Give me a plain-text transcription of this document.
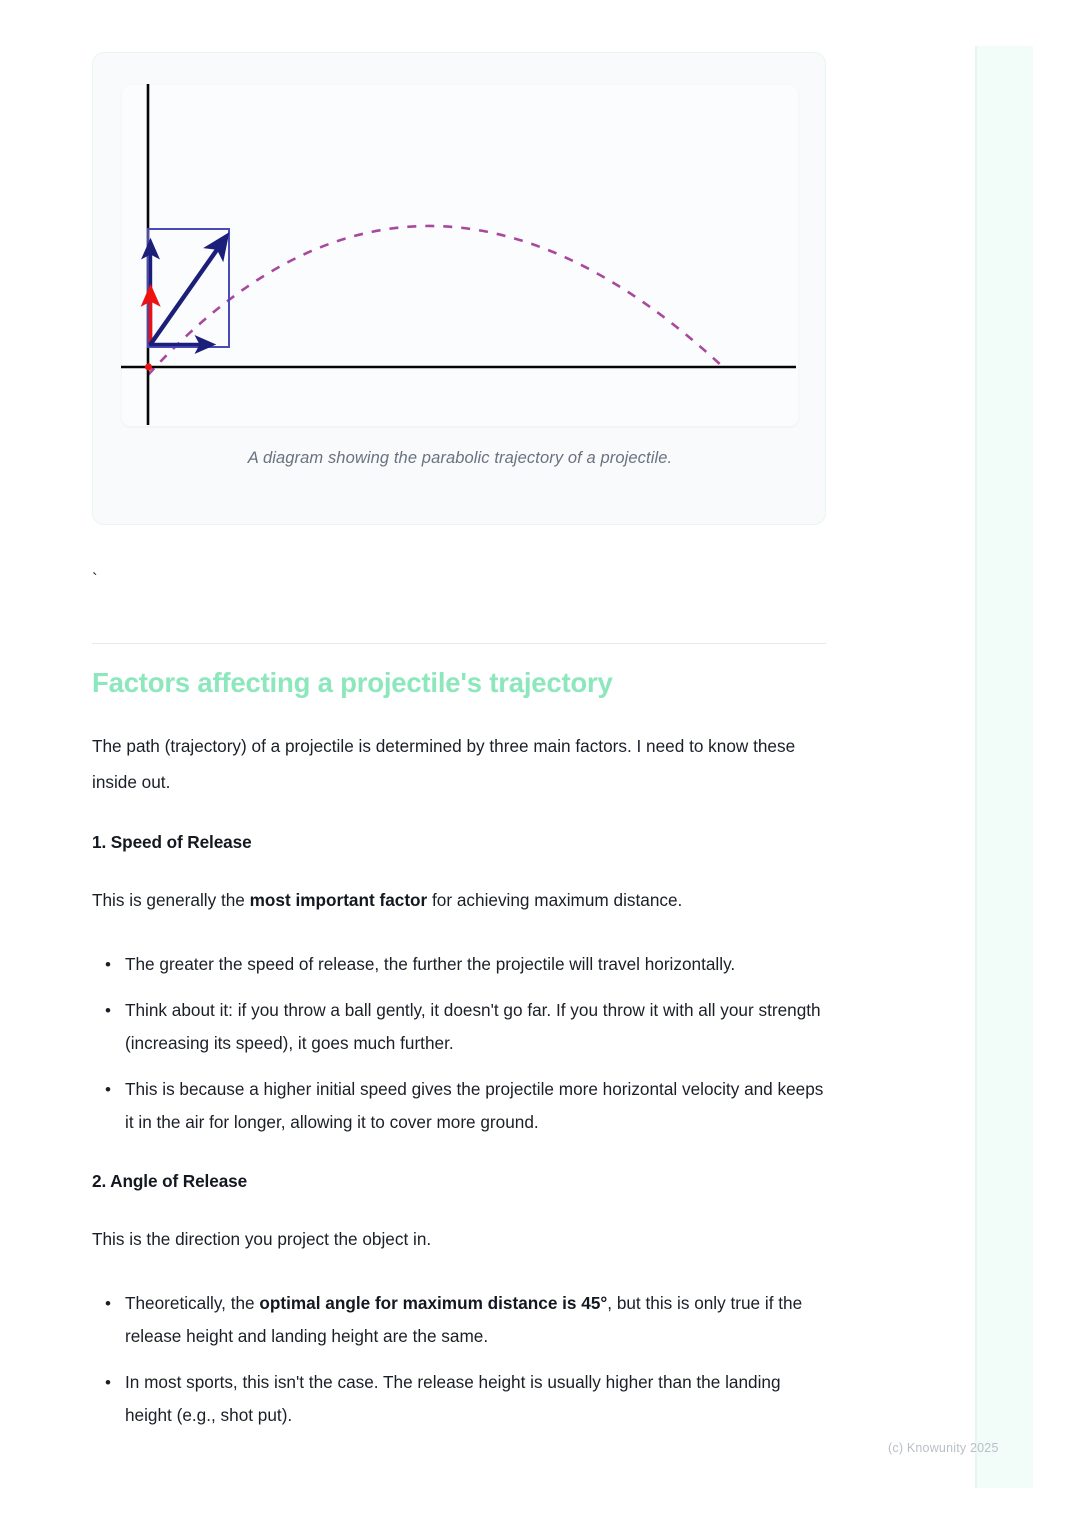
A diagram showing the parabolic trajectory of a projectile.
`
Factors affecting a projectile's trajectory

The path (trajectory) of a projectile is determined by three main factors. I need to know these inside out.

1. Speed of Release

This is generally the most important factor for achieving maximum distance.

• The greater the speed of release, the further the projectile will travel horizontally.
• Think about it: if you throw a ball gently, it doesn't go far. If you throw it with all your strength (increasing its speed), it goes much further.
• This is because a higher initial speed gives the projectile more horizontal velocity and keeps it in the air for longer, allowing it to cover more ground.
2. Angle of Release

This is the direction you project the object in.

• Theoretically, the optimal angle for maximum distance is 45°, but this is only true if the release height and landing height are the same.
• In most sports, this isn't the case. The release height is usually higher than the landing height (e.g., shot put).
(c) Knowunity 2025
